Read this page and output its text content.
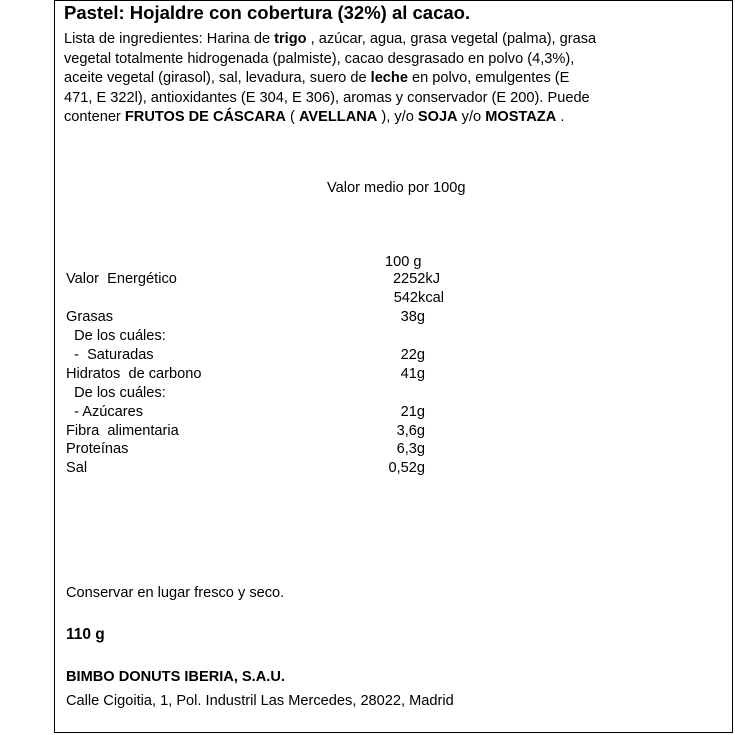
Pastel: Hojaldre con cobertura (32%) al cacao.
Lista de ingredientes: Harina de trigo , azúcar, agua, grasa vegetal (palma), grasa
vegetal totalmente hidrogenada (palmiste), cacao desgrasado en polvo (4,3%),
aceite vegetal (girasol), sal, levadura, suero de leche en polvo, emulgentes (E
471, E 322l), antioxidantes (E 304, E 306), aromas y conservador (E 200). Puede
contener FRUTOS DE CÁSCARA ( AVELLANA ), y/o SOJA y/o MOSTAZA .
Valor medio por 100g
100 g
Valor  Energético	2252kJ
542kcal
Grasas	38g
De los cuáles:
-  Saturadas	22g
Hidratos  de carbono	41g
De los cuáles:
- Azúcares	21g
Fibra  alimentaria	3,6g
Proteínas	6,3g
Sal	0,52g
Conservar en lugar fresco y seco.
110 g
BIMBO DONUTS IBERIA, S.A.U.
Calle Cigoitia, 1, Pol. Industril Las Mercedes, 28022, Madrid
